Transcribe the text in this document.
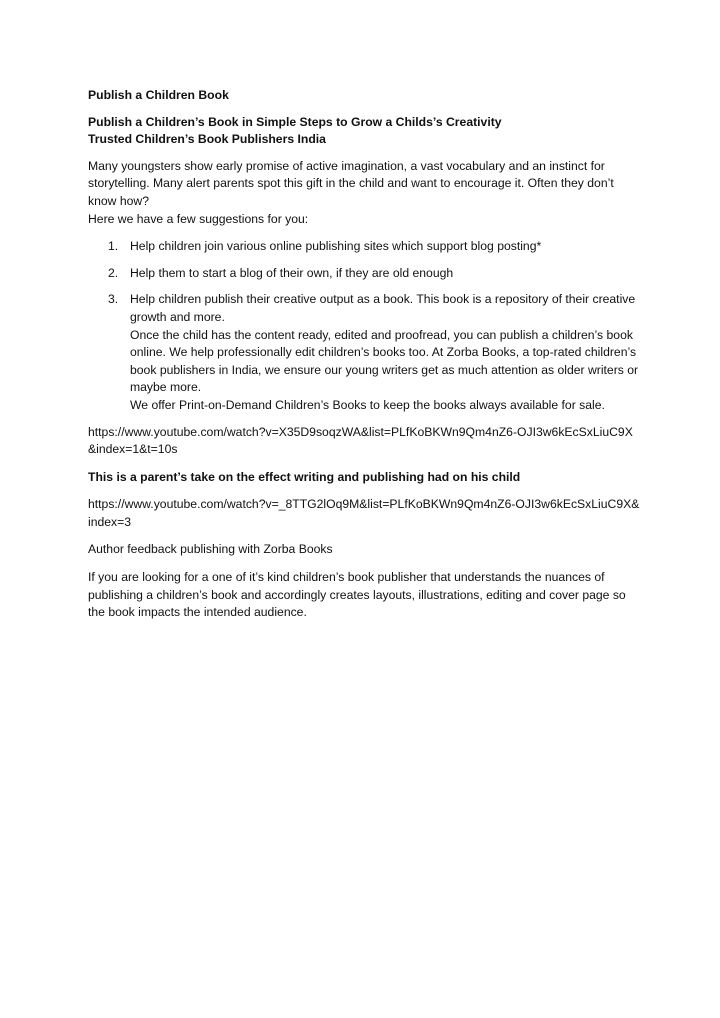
Publish a Children Book

Publish a Children’s Book in Simple Steps to Grow a Childs’s Creativity

Trusted Children’s Book Publishers India

Many youngsters show early promise of active imagination, a vast vocabulary and an instinct for storytelling. Many alert parents spot this gift in the child and want to encourage it. Often they don’t know how?

Here we have a few suggestions for you:

1. Help children join various online publishing sites which support blog posting*
2. Help them to start a blog of their own, if they are old enough
3. Help children publish their creative output as a book. This book is a repository of their creative
growth and more.
Once the child has the content ready, edited and proofread, you can publish a children’s book online. We help professionally edit children’s books too. At Zorba Books, a top-rated children’s book publishers in India, we ensure our young writers get as much attention as older writers or maybe more.
We offer Print-on-Demand Children’s Books to keep the books always available for sale.

https://www.youtube.com/watch?v=X35D9soqzWA&list=PLfKoBKWn9Qm4nZ6-OJI3w6kEcSxLiuC9X&index=1&t=10s

This is a parent’s take on the effect writing and publishing had on his child

https://www.youtube.com/watch?v=_8TTG2lOq9M&list=PLfKoBKWn9Qm4nZ6-OJI3w6kEcSxLiuC9X&index=3

Author feedback publishing with Zorba Books

If you are looking for a one of it’s kind children’s book publisher that understands the nuances of publishing a children’s book and accordingly creates layouts, illustrations, editing and cover page so the book impacts the intended audience.
